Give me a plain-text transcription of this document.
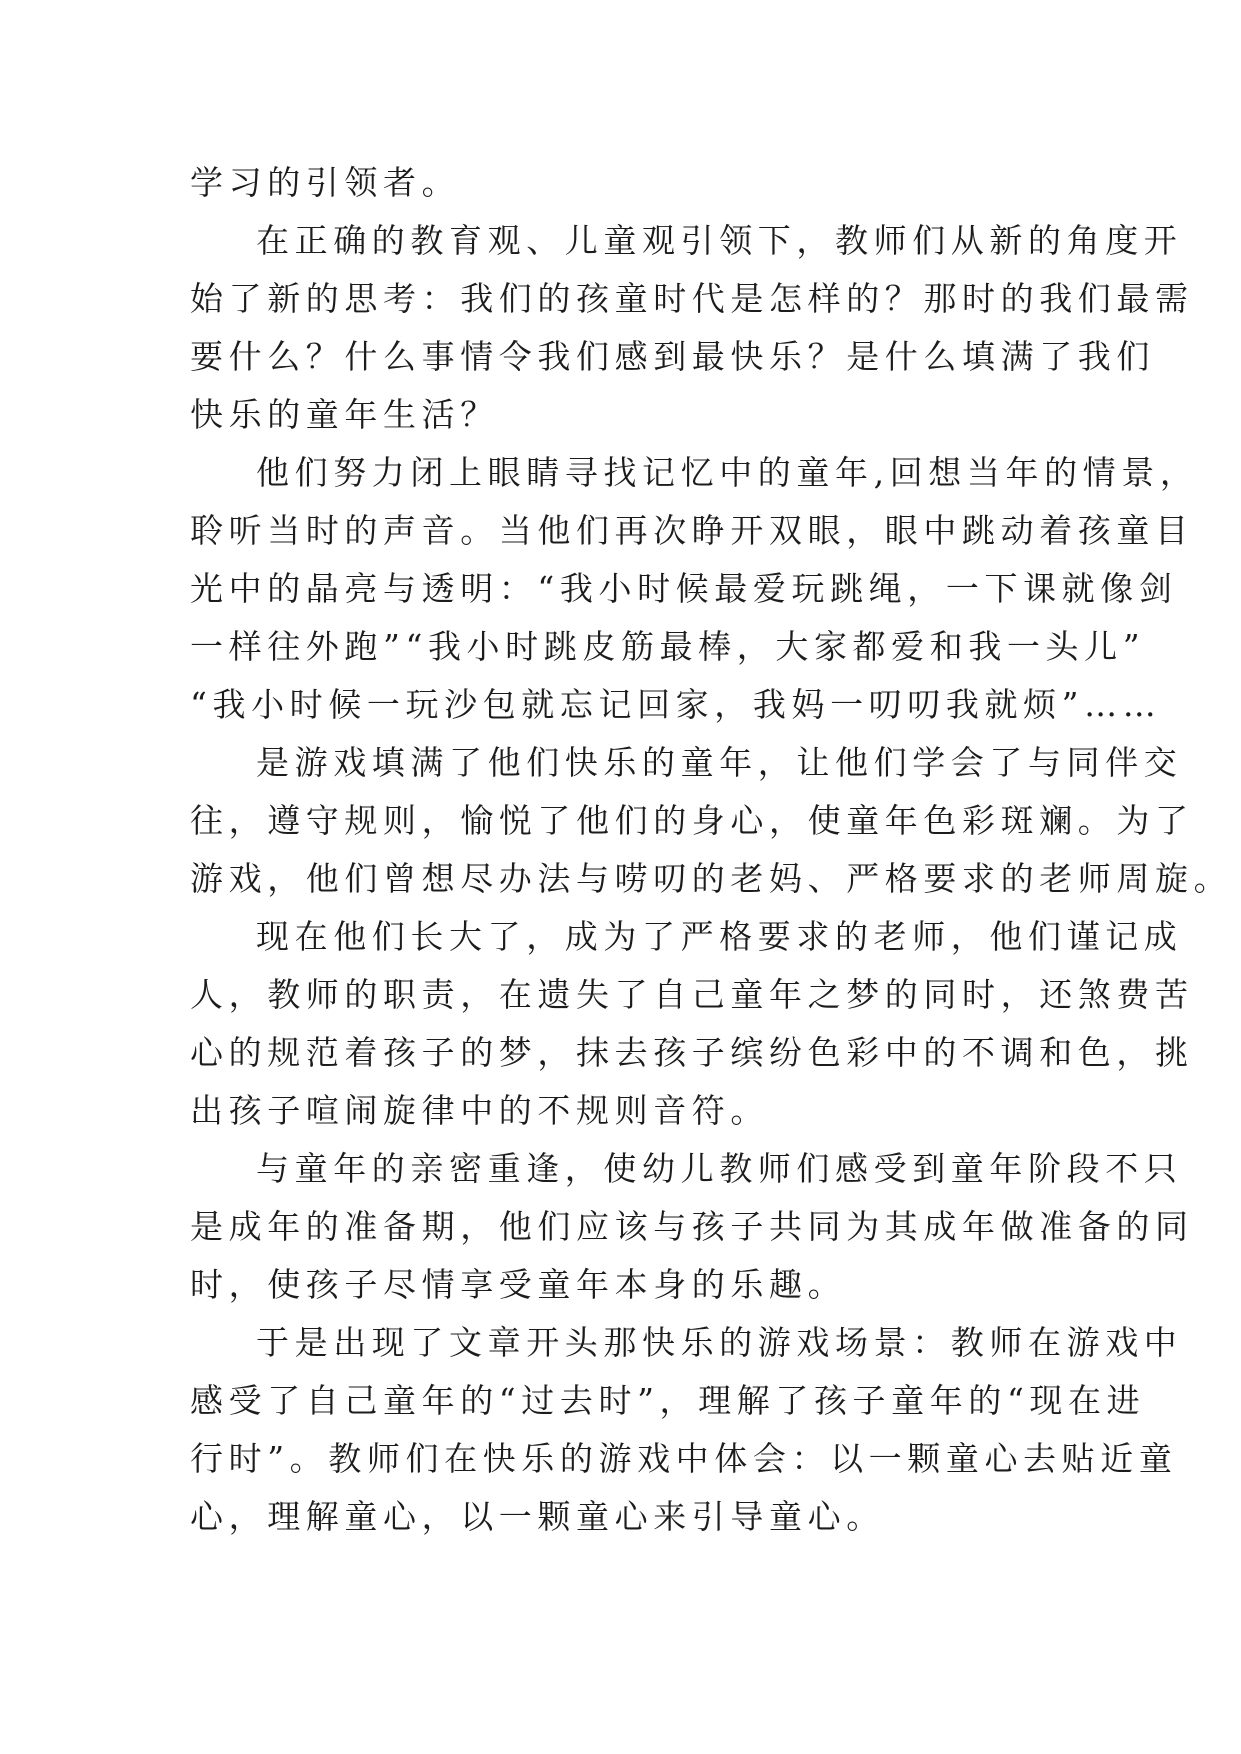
学习的引领者。
在正确的教育观、儿童观引领下，教师们从新的角度开
始了新的思考：我们的孩童时代是怎样的？那时的我们最需
要什么？什么事情令我们感到最快乐？是什么填满了我们
快乐的童年生活？
他们努力闭上眼睛寻找记忆中的童年,回想当年的情景，
聆听当时的声音。当他们再次睁开双眼，眼中跳动着孩童目
光中的晶亮与透明：“我小时候最爱玩跳绳，一下课就像剑
一样往外跑”“我小时跳皮筋最棒，大家都爱和我一头儿”
“我小时候一玩沙包就忘记回家，我妈一叨叨我就烦”……
是游戏填满了他们快乐的童年，让他们学会了与同伴交
往，遵守规则，愉悦了他们的身心，使童年色彩斑斓。为了
游戏，他们曾想尽办法与唠叨的老妈、严格要求的老师周旋。
现在他们长大了，成为了严格要求的老师，他们谨记成
人，教师的职责，在遗失了自己童年之梦的同时，还煞费苦
心的规范着孩子的梦，抹去孩子缤纷色彩中的不调和色，挑
出孩子喧闹旋律中的不规则音符。
与童年的亲密重逢，使幼儿教师们感受到童年阶段不只
是成年的准备期，他们应该与孩子共同为其成年做准备的同
时，使孩子尽情享受童年本身的乐趣。
于是出现了文章开头那快乐的游戏场景：教师在游戏中
感受了自己童年的“过去时”，理解了孩子童年的“现在进
行时”。教师们在快乐的游戏中体会：以一颗童心去贴近童
心，理解童心，以一颗童心来引导童心。
